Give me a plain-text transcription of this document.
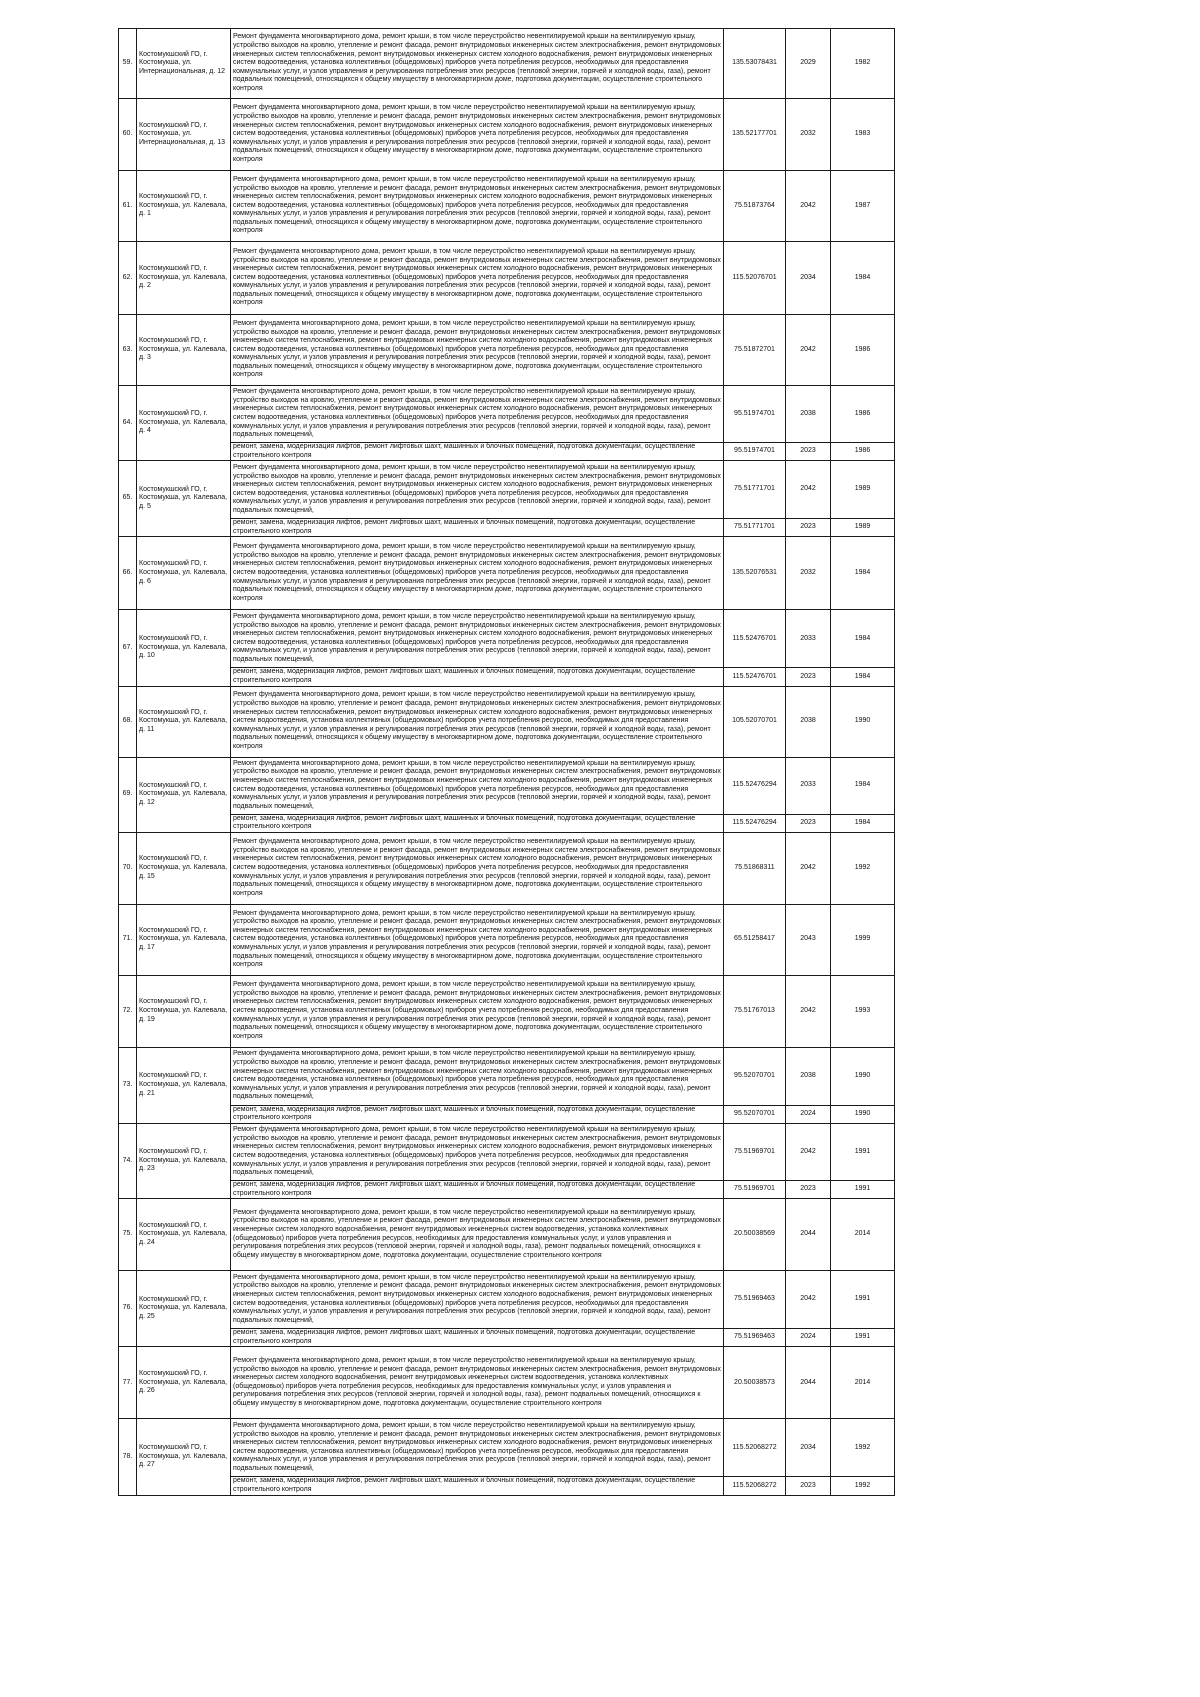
59.	Костомукшский ГО, г. Костомукша, ул. Интернациональная, д. 12	Ремонт фундамента многоквартирного дома, ремонт крыши, в том числе переустройство невентилируемой крыши на вентилируемую крышу, устройство выходов на кровлю, утепление и ремонт фасада, ремонт внутридомовых инженерных систем электроснабжения, ремонт внутридомовых инженерных систем теплоснабжения, ремонт внутридомовых инженерных систем холодного водоснабжения, ремонт внутридомовых инженерных систем водоотведения, установка коллективных (общедомовых) приборов учета потребления ресурсов, необходимых для предоставления коммунальных услуг, и узлов управления и регулирования потребления этих ресурсов (тепловой энергии, горячей и холодной воды, газа), ремонт подвальных помещений, относящихся к общему имуществу в многоквартирном доме, подготовка документации, осуществление строительного контроля	135.53078431	2029	1982
60.	Костомукшский ГО, г. Костомукша, ул. Интернациональная, д. 13	Ремонт фундамента многоквартирного дома, ремонт крыши, в том числе переустройство невентилируемой крыши на вентилируемую крышу, устройство выходов на кровлю, утепление и ремонт фасада, ремонт внутридомовых инженерных систем электроснабжения, ремонт внутридомовых инженерных систем теплоснабжения, ремонт внутридомовых инженерных систем холодного водоснабжения, ремонт внутридомовых инженерных систем водоотведения, установка коллективных (общедомовых) приборов учета потребления ресурсов, необходимых для предоставления коммунальных услуг, и узлов управления и регулирования потребления этих ресурсов (тепловой энергии, горячей и холодной воды, газа), ремонт подвальных помещений, относящихся к общему имуществу в многоквартирном доме, подготовка документации, осуществление строительного контроля	135.52177701	2032	1983
61.	Костомукшский ГО, г. Костомукша, ул. Калевала, д. 1	Ремонт фундамента многоквартирного дома, ремонт крыши, в том числе переустройство невентилируемой крыши на вентилируемую крышу, устройство выходов на кровлю, утепление и ремонт фасада, ремонт внутридомовых инженерных систем электроснабжения, ремонт внутридомовых инженерных систем теплоснабжения, ремонт внутридомовых инженерных систем холодного водоснабжения, ремонт внутридомовых инженерных систем водоотведения, установка коллективных (общедомовых) приборов учета потребления ресурсов, необходимых для предоставления коммунальных услуг, и узлов управления и регулирования потребления этих ресурсов (тепловой энергии, горячей и холодной воды, газа), ремонт подвальных помещений, относящихся к общему имуществу в многоквартирном доме, подготовка документации, осуществление строительного контроля	75.51873764	2042	1987
62.	Костомукшский ГО, г. Костомукша, ул. Калевала, д. 2	Ремонт фундамента многоквартирного дома, ремонт крыши, в том числе переустройство невентилируемой крыши на вентилируемую крышу, устройство выходов на кровлю, утепление и ремонт фасада, ремонт внутридомовых инженерных систем электроснабжения, ремонт внутридомовых инженерных систем теплоснабжения, ремонт внутридомовых инженерных систем холодного водоснабжения, ремонт внутридомовых инженерных систем водоотведения, установка коллективных (общедомовых) приборов учета потребления ресурсов, необходимых для предоставления коммунальных услуг, и узлов управления и регулирования потребления этих ресурсов (тепловой энергии, горячей и холодной воды, газа), ремонт подвальных помещений, относящихся к общему имуществу в многоквартирном доме, подготовка документации, осуществление строительного контроля	115.52076701	2034	1984
63.	Костомукшский ГО, г. Костомукша, ул. Калевала, д. 3	Ремонт фундамента многоквартирного дома, ремонт крыши, в том числе переустройство невентилируемой крыши на вентилируемую крышу, устройство выходов на кровлю, утепление и ремонт фасада, ремонт внутридомовых инженерных систем электроснабжения, ремонт внутридомовых инженерных систем теплоснабжения, ремонт внутридомовых инженерных систем холодного водоснабжения, ремонт внутридомовых инженерных систем водоотведения, установка коллективных (общедомовых) приборов учета потребления ресурсов, необходимых для предоставления коммунальных услуг, и узлов управления и регулирования потребления этих ресурсов (тепловой энергии, горячей и холодной воды, газа), ремонт подвальных помещений, относящихся к общему имуществу в многоквартирном доме, подготовка документации, осуществление строительного контроля	75.51872701	2042	1986
64.	Костомукшский ГО, г. Костомукша, ул. Калевала, д. 4	Ремонт фундамента многоквартирного дома, ремонт крыши, в том числе переустройство невентилируемой крыши на вентилируемую крышу, устройство выходов на кровлю, утепление и ремонт фасада, ремонт внутридомовых инженерных систем электроснабжения, ремонт внутридомовых инженерных систем теплоснабжения, ремонт внутридомовых инженерных систем холодного водоснабжения, ремонт внутридомовых инженерных систем водоотведения, установка коллективных (общедомовых) приборов учета потребления ресурсов, необходимых для предоставления коммунальных услуг, и узлов управления и регулирования потребления этих ресурсов (тепловой энергии, горячей и холодной воды, газа), ремонт подвальных помещений,	95.51974701	2038	1986
		ремонт, замена, модернизация лифтов, ремонт лифтовых шахт, машинных и блочных помещений, подготовка документации, осуществление строительного контроля	95.51974701	2023	1986
65.	Костомукшский ГО, г. Костомукша, ул. Калевала, д. 5	Ремонт фундамента многоквартирного дома, ремонт крыши, в том числе переустройство невентилируемой крыши на вентилируемую крышу, устройство выходов на кровлю, утепление и ремонт фасада, ремонт внутридомовых инженерных систем электроснабжения, ремонт внутридомовых инженерных систем теплоснабжения, ремонт внутридомовых инженерных систем холодного водоснабжения, ремонт внутридомовых инженерных систем водоотведения, установка коллективных (общедомовых) приборов учета потребления ресурсов, необходимых для предоставления коммунальных услуг, и узлов управления и регулирования потребления этих ресурсов (тепловой энергии, горячей и холодной воды, газа), ремонт подвальных помещений,	75.51771701	2042	1989
		ремонт, замена, модернизация лифтов, ремонт лифтовых шахт, машинных и блочных помещений, подготовка документации, осуществление строительного контроля	75.51771701	2023	1989
66.	Костомукшский ГО, г. Костомукша, ул. Калевала, д. 6	Ремонт фундамента многоквартирного дома, ремонт крыши, в том числе переустройство невентилируемой крыши на вентилируемую крышу, устройство выходов на кровлю, утепление и ремонт фасада, ремонт внутридомовых инженерных систем электроснабжения, ремонт внутридомовых инженерных систем теплоснабжения, ремонт внутридомовых инженерных систем холодного водоснабжения, ремонт внутридомовых инженерных систем водоотведения, установка коллективных (общедомовых) приборов учета потребления ресурсов, необходимых для предоставления коммунальных услуг, и узлов управления и регулирования потребления этих ресурсов (тепловой энергии, горячей и холодной воды, газа), ремонт подвальных помещений, относящихся к общему имуществу в многоквартирном доме, подготовка документации, осуществление строительного контроля	135.52076531	2032	1984
67.	Костомукшский ГО, г. Костомукша, ул. Калевала, д. 10	Ремонт фундамента многоквартирного дома, ремонт крыши, в том числе переустройство невентилируемой крыши на вентилируемую крышу, устройство выходов на кровлю, утепление и ремонт фасада, ремонт внутридомовых инженерных систем электроснабжения, ремонт внутридомовых инженерных систем теплоснабжения, ремонт внутридомовых инженерных систем холодного водоснабжения, ремонт внутридомовых инженерных систем водоотведения, установка коллективных (общедомовых) приборов учета потребления ресурсов, необходимых для предоставления коммунальных услуг, и узлов управления и регулирования потребления этих ресурсов (тепловой энергии, горячей и холодной воды, газа), ремонт подвальных помещений,	115.52476701	2033	1984
		ремонт, замена, модернизация лифтов, ремонт лифтовых шахт, машинных и блочных помещений, подготовка документации, осуществление строительного контроля	115.52476701	2023	1984
68.	Костомукшский ГО, г. Костомукша, ул. Калевала, д. 11	Ремонт фундамента многоквартирного дома, ремонт крыши, в том числе переустройство невентилируемой крыши на вентилируемую крышу, устройство выходов на кровлю, утепление и ремонт фасада, ремонт внутридомовых инженерных систем электроснабжения, ремонт внутридомовых инженерных систем теплоснабжения, ремонт внутридомовых инженерных систем холодного водоснабжения, ремонт внутридомовых инженерных систем водоотведения, установка коллективных (общедомовых) приборов учета потребления ресурсов, необходимых для предоставления коммунальных услуг, и узлов управления и регулирования потребления этих ресурсов (тепловой энергии, горячей и холодной воды, газа), ремонт подвальных помещений, относящихся к общему имуществу в многоквартирном доме, подготовка документации, осуществление строительного контроля	105.52070701	2038	1990
69.	Костомукшский ГО, г. Костомукша, ул. Калевала, д. 12	Ремонт фундамента многоквартирного дома, ремонт крыши, в том числе переустройство невентилируемой крыши на вентилируемую крышу, устройство выходов на кровлю, утепление и ремонт фасада, ремонт внутридомовых инженерных систем электроснабжения, ремонт внутридомовых инженерных систем теплоснабжения, ремонт внутридомовых инженерных систем холодного водоснабжения, ремонт внутридомовых инженерных систем водоотведения, установка коллективных (общедомовых) приборов учета потребления ресурсов, необходимых для предоставления коммунальных услуг, и узлов управления и регулирования потребления этих ресурсов (тепловой энергии, горячей и холодной воды, газа), ремонт подвальных помещений,	115.52476294	2033	1984
		ремонт, замена, модернизация лифтов, ремонт лифтовых шахт, машинных и блочных помещений, подготовка документации, осуществление строительного контроля	115.52476294	2023	1984
70.	Костомукшский ГО, г. Костомукша, ул. Калевала, д. 15	Ремонт фундамента многоквартирного дома, ремонт крыши, в том числе переустройство невентилируемой крыши на вентилируемую крышу, устройство выходов на кровлю, утепление и ремонт фасада, ремонт внутридомовых инженерных систем электроснабжения, ремонт внутридомовых инженерных систем теплоснабжения, ремонт внутридомовых инженерных систем холодного водоснабжения, ремонт внутридомовых инженерных систем водоотведения, установка коллективных (общедомовых) приборов учета потребления ресурсов, необходимых для предоставления коммунальных услуг, и узлов управления и регулирования потребления этих ресурсов (тепловой энергии, горячей и холодной воды, газа), ремонт подвальных помещений, относящихся к общему имуществу в многоквартирном доме, подготовка документации, осуществление строительного контроля	75.51868311	2042	1992
71.	Костомукшский ГО, г. Костомукша, ул. Калевала, д. 17	Ремонт фундамента многоквартирного дома, ремонт крыши, в том числе переустройство невентилируемой крыши на вентилируемую крышу, устройство выходов на кровлю, утепление и ремонт фасада, ремонт внутридомовых инженерных систем электроснабжения, ремонт внутридомовых инженерных систем теплоснабжения, ремонт внутридомовых инженерных систем холодного водоснабжения, ремонт внутридомовых инженерных систем водоотведения, установка коллективных (общедомовых) приборов учета потребления ресурсов, необходимых для предоставления коммунальных услуг, и узлов управления и регулирования потребления этих ресурсов (тепловой энергии, горячей и холодной воды, газа), ремонт подвальных помещений, относящихся к общему имуществу в многоквартирном доме, подготовка документации, осуществление строительного контроля	65.51258417	2043	1999
72.	Костомукшский ГО, г. Костомукша, ул. Калевала, д. 19	Ремонт фундамента многоквартирного дома, ремонт крыши, в том числе переустройство невентилируемой крыши на вентилируемую крышу, устройство выходов на кровлю, утепление и ремонт фасада, ремонт внутридомовых инженерных систем электроснабжения, ремонт внутридомовых инженерных систем теплоснабжения, ремонт внутридомовых инженерных систем холодного водоснабжения, ремонт внутридомовых инженерных систем водоотведения, установка коллективных (общедомовых) приборов учета потребления ресурсов, необходимых для предоставления коммунальных услуг, и узлов управления и регулирования потребления этих ресурсов (тепловой энергии, горячей и холодной воды, газа), ремонт подвальных помещений, относящихся к общему имуществу в многоквартирном доме, подготовка документации, осуществление строительного контроля	75.51767013	2042	1993
73.	Костомукшский ГО, г. Костомукша, ул. Калевала, д. 21	Ремонт фундамента многоквартирного дома, ремонт крыши, в том числе переустройство невентилируемой крыши на вентилируемую крышу, устройство выходов на кровлю, утепление и ремонт фасада, ремонт внутридомовых инженерных систем электроснабжения, ремонт внутридомовых инженерных систем теплоснабжения, ремонт внутридомовых инженерных систем холодного водоснабжения, ремонт внутридомовых инженерных систем водоотведения, установка коллективных (общедомовых) приборов учета потребления ресурсов, необходимых для предоставления коммунальных услуг, и узлов управления и регулирования потребления этих ресурсов (тепловой энергии, горячей и холодной воды, газа), ремонт подвальных помещений,	95.52070701	2038	1990
		ремонт, замена, модернизация лифтов, ремонт лифтовых шахт, машинных и блочных помещений, подготовка документации, осуществление строительного контроля	95.52070701	2024	1990
74.	Костомукшский ГО, г. Костомукша, ул. Калевала, д. 23	Ремонт фундамента многоквартирного дома, ремонт крыши, в том числе переустройство невентилируемой крыши на вентилируемую крышу, устройство выходов на кровлю, утепление и ремонт фасада, ремонт внутридомовых инженерных систем электроснабжения, ремонт внутридомовых инженерных систем теплоснабжения, ремонт внутридомовых инженерных систем холодного водоснабжения, ремонт внутридомовых инженерных систем водоотведения, установка коллективных (общедомовых) приборов учета потребления ресурсов, необходимых для предоставления коммунальных услуг, и узлов управления и регулирования потребления этих ресурсов (тепловой энергии, горячей и холодной воды, газа), ремонт подвальных помещений,	75.51969701	2042	1991
		ремонт, замена, модернизация лифтов, ремонт лифтовых шахт, машинных и блочных помещений, подготовка документации, осуществление строительного контроля	75.51969701	2023	1991
75.	Костомукшский ГО, г. Костомукша, ул. Калевала, д. 24	Ремонт фундамента многоквартирного дома, ремонт крыши, в том числе переустройство невентилируемой крыши на вентилируемую крышу, устройство выходов на кровлю, утепление и ремонт фасада, ремонт внутридомовых инженерных систем электроснабжения, ремонт внутридомовых инженерных систем холодного водоснабжения, ремонт внутридомовых инженерных систем водоотведения, установка коллективных (общедомовых) приборов учета потребления ресурсов, необходимых для предоставления коммунальных услуг, и узлов управления и регулирования потребления этих ресурсов (тепловой энергии, горячей и холодной воды, газа), ремонт подвальных помещений, относящихся к общему имуществу в многоквартирном доме, подготовка документации, осуществление строительного контроля	20.50038569	2044	2014
76.	Костомукшский ГО, г. Костомукша, ул. Калевала, д. 25	Ремонт фундамента многоквартирного дома, ремонт крыши, в том числе переустройство невентилируемой крыши на вентилируемую крышу, устройство выходов на кровлю, утепление и ремонт фасада, ремонт внутридомовых инженерных систем электроснабжения, ремонт внутридомовых инженерных систем теплоснабжения, ремонт внутридомовых инженерных систем холодного водоснабжения, ремонт внутридомовых инженерных систем водоотведения, установка коллективных (общедомовых) приборов учета потребления ресурсов, необходимых для предоставления коммунальных услуг, и узлов управления и регулирования потребления этих ресурсов (тепловой энергии, горячей и холодной воды, газа), ремонт подвальных помещений,	75.51969463	2042	1991
		ремонт, замена, модернизация лифтов, ремонт лифтовых шахт, машинных и блочных помещений, подготовка документации, осуществление строительного контроля	75.51969463	2024	1991
77.	Костомукшский ГО, г. Костомукша, ул. Калевала, д. 26	Ремонт фундамента многоквартирного дома, ремонт крыши, в том числе переустройство невентилируемой крыши на вентилируемую крышу, устройство выходов на кровлю, утепление и ремонт фасада, ремонт внутридомовых инженерных систем электроснабжения, ремонт внутридомовых инженерных систем холодного водоснабжения, ремонт внутридомовых инженерных систем водоотведения, установка коллективных (общедомовых) приборов учета потребления ресурсов, необходимых для предоставления коммунальных услуг, и узлов управления и регулирования потребления этих ресурсов (тепловой энергии, горячей и холодной воды, газа), ремонт подвальных помещений, относящихся к общему имуществу в многоквартирном доме, подготовка документации, осуществление строительного контроля	20.50038573	2044	2014
78.	Костомукшский ГО, г. Костомукша, ул. Калевала, д. 27	Ремонт фундамента многоквартирного дома, ремонт крыши, в том числе переустройство невентилируемой крыши на вентилируемую крышу, устройство выходов на кровлю, утепление и ремонт фасада, ремонт внутридомовых инженерных систем электроснабжения, ремонт внутридомовых инженерных систем теплоснабжения, ремонт внутридомовых инженерных систем холодного водоснабжения, ремонт внутридомовых инженерных систем водоотведения, установка коллективных (общедомовых) приборов учета потребления ресурсов, необходимых для предоставления коммунальных услуг, и узлов управления и регулирования потребления этих ресурсов (тепловой энергии, горячей и холодной воды, газа), ремонт подвальных помещений,	115.52068272	2034	1992
		ремонт, замена, модернизация лифтов, ремонт лифтовых шахт, машинных и блочных помещений, подготовка документации, осуществление строительного контроля	115.52068272	2023	1992
